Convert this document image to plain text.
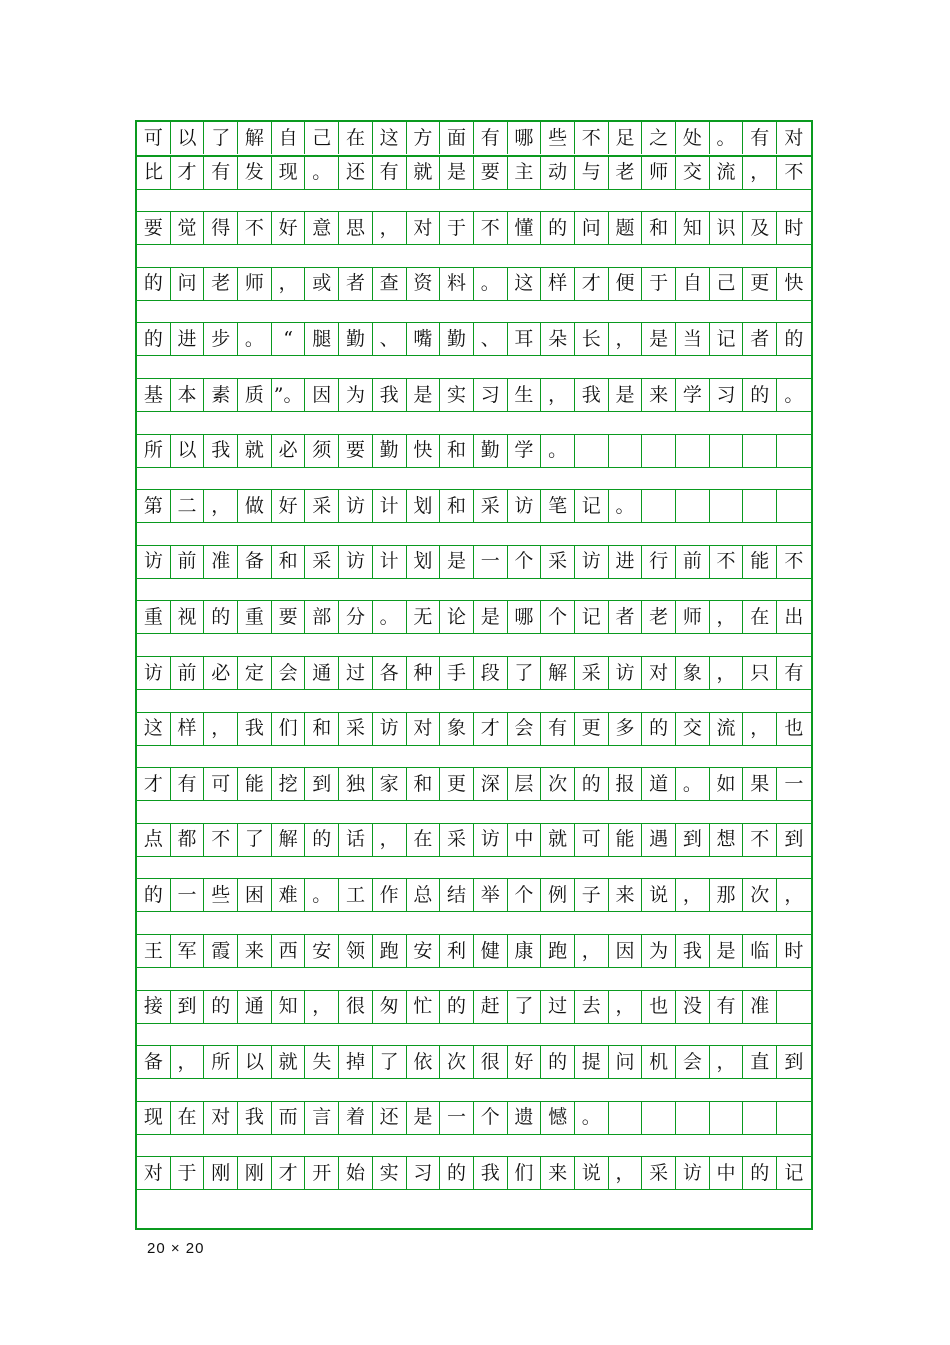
可 以 了 解 自 己 在 这 方 面 有 哪 些 不 足 之 处 。 有 对
比 才 有 发 现 。 还 有 就 是 要 主 动 与 老 师 交 流 ， 不
要 觉 得 不 好 意 思 ， 对 于 不 懂 的 问 题 和 知 识 及 时
的 问 老 师 ， 或 者 查 资 料 。 这 样 才 便 于 自 己 更 快
的 进 步 。	“	腿 勤 、 嘴 勤 、 耳 朵 长 ， 是 当 记 者 的
基 本 素 质 ”。 因 为 我 是 实 习 生 ， 我 是 来 学 习 的 。
所 以 我 就 必 须 要 勤 快 和 勤 学 。
第 二 ， 做 好 采 访 计 划 和 采 访 笔 记 。
访 前 准 备 和 采 访 计 划 是 一 个 采 访 进 行 前 不 能 不
重 视 的 重 要 部 分 。 无 论 是 哪 个 记 者 老 师 ， 在 出
访 前 必 定 会 通 过 各 种 手 段 了 解 采 访 对 象 ， 只 有
这 样 ， 我 们 和 采 访 对 象 才 会 有 更 多 的 交 流 ， 也
才 有 可 能 挖 到 独 家 和 更 深 层 次 的 报 道 。 如 果 一
点 都 不 了 解 的 话 ， 在 采 访 中 就 可 能 遇 到 想 不 到
的 一 些 困 难 。 工 作 总 结 举 个 例 子 来 说 ， 那 次 ，
王 军 霞 来 西 安 领 跑 安 利 健 康 跑 ， 因 为 我 是 临 时
接 到 的 通 知 ， 很 匆 忙 的 赶 了 过 去 ， 也 没 有 准
备 ， 所 以 就 失 掉 了 依 次 很 好 的 提 问 机 会 ， 直 到
现 在 对 我 而 言 着 还 是 一 个 遗 憾 。
对 于 刚 刚 才 开 始 实 习 的 我 们 来 说 ， 采 访 中 的 记
20 × 20
